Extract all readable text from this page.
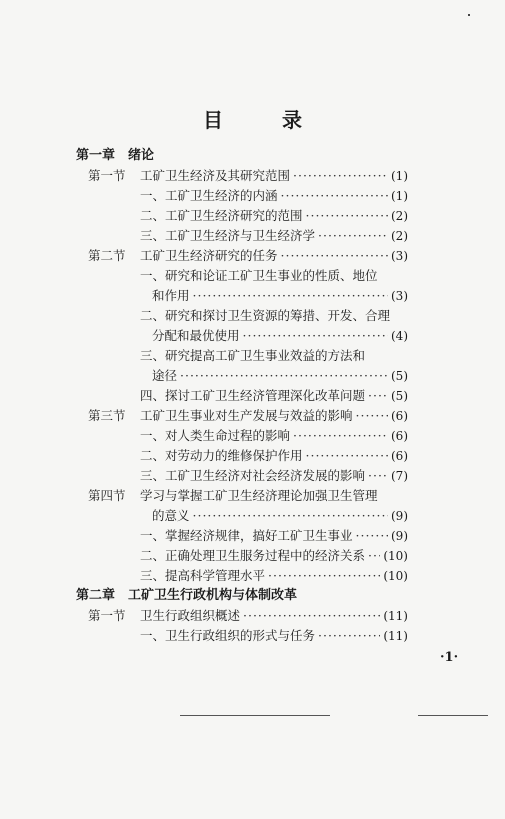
目 录
第一章 绪论
第一节 工矿卫生经济及其研究范围 ·····	(1)
一、工矿卫生经济的内涵 ·····	(1)
二、工矿卫生经济研究的范围 ·····	(2)
三、工矿卫生经济与卫生经济学 ·····	(2)
第二节 工矿卫生经济研究的任务 ·····	(3)
一、研究和论证工矿卫生事业的性质、地位
和作用 ·····	(3)
二、研究和探讨卫生资源的筹措、开发、合理
分配和最优使用 ·····	(4)
三、研究提高工矿卫生事业效益的方法和
途径 ·····	(5)
四、探讨工矿卫生经济管理深化改革问题 ····· (5)
第三节 工矿卫生事业对生产发展与效益的影响 ·····	(6)
一、对人类生命过程的影响 ·····	(6)
二、对劳动力的维修保护作用 ·····	(6)
三、工矿卫生经济对社会经济发展的影响 ····· (7)
第四节 学习与掌握工矿卫生经济理论加强卫生管理
的意义 ·····	(9)
一、掌握经济规律，搞好工矿卫生事业 ·····	(9)
二、正确处理卫生服务过程中的经济关系 ····· (10)
三、提高科学管理水平 ·····	(10)
第二章 工矿卫生行政机构与体制改革
第一节 卫生行政组织概述 ·····	(11)
一、卫生行政组织的形式与任务 ·····	(11)
·1·
